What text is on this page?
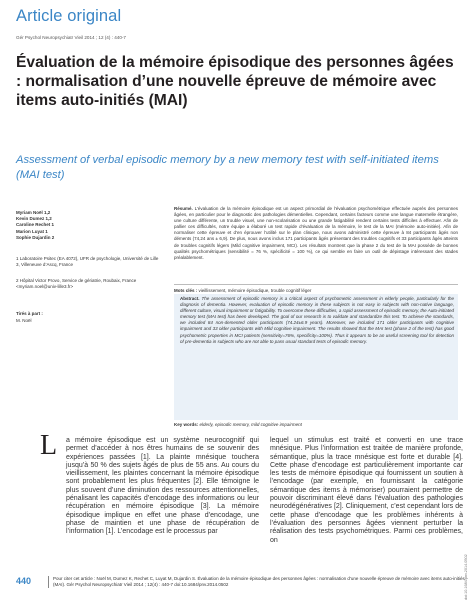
Article original
Gér Psychol Neuropsychiatr Vieil 2014 ; 12 (4) : 440-7
Évaluation de la mémoire épisodique des personnes âgées : normalisation d’une nouvelle épreuve de mémoire avec items auto-initiés (MAI)
Assessment of verbal episodic memory by a new memory test with self-initiated items (MAI test)
Myriam Noël 1,2
Kevin Dumez 1,2
Caroline Rechet 1
Marion Luyat 1
Sophie Dujardin 2
1 Laboratoire Psitec (EA 4072), UFR de psychologie, Université de Lille 3, Villeneuve d’Ascq, France
2 Hôpital Victor Provo, Service de gériatrie, Roubaix, France <myriam.noel@univ-lille3.fr>
Tirés à part :
M. Noël
Résumé. L’évaluation de la mémoire épisodique est un aspect primordial de l’évaluation psychométrique effectuée auprès des personnes âgées, en particulier pour le diagnostic des pathologies démentielles. Cependant, certains facteurs comme une langue maternelle étrangère, une culture différente, un trouble visuel, une non-scolarisation ou une grande fatigabilité rendent certains tests difficiles à effectuer. Afin de pallier ces difficultés, notre équipe a élaboré un test rapide d’évaluation de la mémoire, le test de la MAI (mémoire auto-initiée). Afin de normaliser cette épreuve et d’en éprouver l’utilité sur le plan clinique, nous avons administré cette épreuve à 84 participants âgés non déments (74,24 ans ± 6,9). De plus, nous avons inclus 171 participants âgés présentant des troubles cognitifs et 33 participants âgés atteints de troubles cognitifs légers (Mild cognitive impairment, MCI). Les résultats montrent que la phase 2 du test de la MAI possède de bonnes qualités psychométriques (sensibilité = 76 %, spécificité = 100 %), ce qui semble en faire un outil de dépistage intéressant des stades préalablement.
Mots clés : vieillissement, mémoire épisodique, trouble cognitif léger
Abstract. The assessment of episodic memory is a critical aspect of psychometric assessment in elderly people, particularly for the diagnosis of dementia. However, evaluation of episodic memory in these subjects is not easy in subjects with non-native language, different culture, visual impairment or fatigability. To overcome these difficulties, a rapid assessment of episodic memory, the Auto-initiated memory test (MAI test) has been developed. The goal of our research is to validate and standardize this test. To achieve the standards, we included 84 non-demented older participants (74.24±6.9 years). Moreover, we included 171 older participants with cognitive impairment and 33 older participants with Mild cognitive impairment. The results showed that the MAI test (phase 2 of the test) has good psychometric properties in MCI patients (sensitivity=76%, specificity=100%). Thus it appears to be an useful screening tool for detection of pre-dementia in subjects who are not able to pass usual standard tests of episodic memory.
Key words: elderly, episodic memory, mild cognitive impairment
L a mémoire épisodique est un système neurocognitif qui permet d’accéder à nos êtres humains de se souvenir des expériences passées [1]. La plainte mnésique touchera jusqu’à 50 % des sujets âgés de plus de 55 ans. Au cours du vieillissement, les plaintes concernant la mémoire épisodique sont probablement les plus fréquentes [2]. Elle témoigne le plus souvent d’une diminution des ressources attentionnelles, pénalisant les capacités d’encodage des informations ou leur récupération en mémoire épisodique [3]. La mémoire épisodique implique en effet une phase d’encodage, une phase de maintien et une phase de récupération de l’information [1]. L’encodage est le processus par
lequel un stimulus est traité et converti en une trace mnésique. Plus l’information est traitée de manière profonde, sémantique, plus la trace mnésique est forte et durable [4]. Cette phase d’encodage est particulièrement importante car les tests de mémoire épisodique qui fournissent un soutien à l’encodage (par exemple, en fournissant la catégorie sémantique des items à mémoriser) pourraient permettre de pouvoir discriminant élevé dans l’évaluation des pathologies neurodégénératives [2]. Cliniquement, c’est cependant lors de cette phase d’encodage que les problèmes inhérents à l’évaluation des personnes âgées viennent perturber la réalisation des tests psychométriques. Parmi ces problèmes, on
doi:10.1684/pnv.2014.0502
440	Pour citer cet article : Noël M, Dumez K, Rechet C, Luyat M, Dujardin S. Évaluation de la mémoire épisodique des personnes âgées : normalisation d’une nouvelle épreuve de mémoire avec items auto-initiés (MAI). Gér Psychol Neuropsychiatr Vieil 2014 ; 12(4) : 440-7 doi:10.1684/pnv.2014.0502
